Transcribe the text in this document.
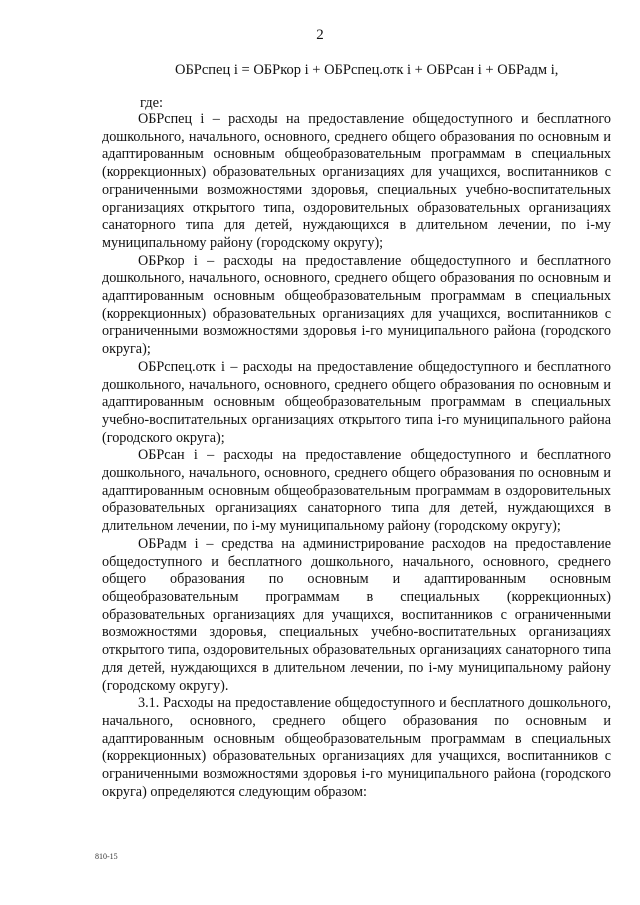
2
ОБРспец i = ОБРкор i + ОБРспец.отк i + ОБРсан i + ОБРадм i,
где:

ОБРспец i – расходы на предоставление общедоступного и бесплатного дошкольного, начального, основного, среднего общего образования по основным и адаптированным основным общеобразовательным программам в специальных (коррекционных) образовательных организациях для учащихся, воспитанников с ограниченными возможностями здоровья, специальных учебно-воспитательных организациях открытого типа, оздоровительных образовательных организациях санаторного типа для детей, нуждающихся в длительном лечении, по i-му муниципальному району (городскому округу);

ОБРкор i – расходы на предоставление общедоступного и бесплатного дошкольного, начального, основного, среднего общего образования по основным и адаптированным основным общеобразовательным программам в специальных (коррекционных) образовательных организациях для учащихся, воспитанников с ограниченными возможностями здоровья i-го муниципального района (городского округа);

ОБРспец.отк i – расходы на предоставление общедоступного и бесплатного дошкольного, начального, основного, среднего общего образования по основным и адаптированным основным общеобразовательным программам в специальных учебно-воспитательных организациях открытого типа i-го муниципального района (городского округа);

ОБРсан i – расходы на предоставление общедоступного и бесплатного дошкольного, начального, основного, среднего общего образования по основным и адаптированным основным общеобразовательным программам в оздоровительных образовательных организациях санаторного типа для детей, нуждающихся в длительном лечении, по i-му муниципальному району (городскому округу);

ОБРадм i – средства на администрирование расходов на предоставление общедоступного и бесплатного дошкольного, начального, основного, среднего общего образования по основным и адаптированным основным общеобразовательным программам в специальных (коррекционных) образовательных организациях для учащихся, воспитанников с ограниченными возможностями здоровья, специальных учебно-воспитательных организациях открытого типа, оздоровительных образовательных организациях санаторного типа для детей, нуждающихся в длительном лечении, по i-му муниципальному району (городскому округу).

3.1. Расходы на предоставление общедоступного и бесплатного дошкольного, начального, основного, среднего общего образования по основным и адаптированным основным общеобразовательным программам в специальных (коррекционных) образовательных организациях для учащихся, воспитанников с ограниченными возможностями здоровья i-го муниципального района (городского округа) определяются следующим образом:

810-15
